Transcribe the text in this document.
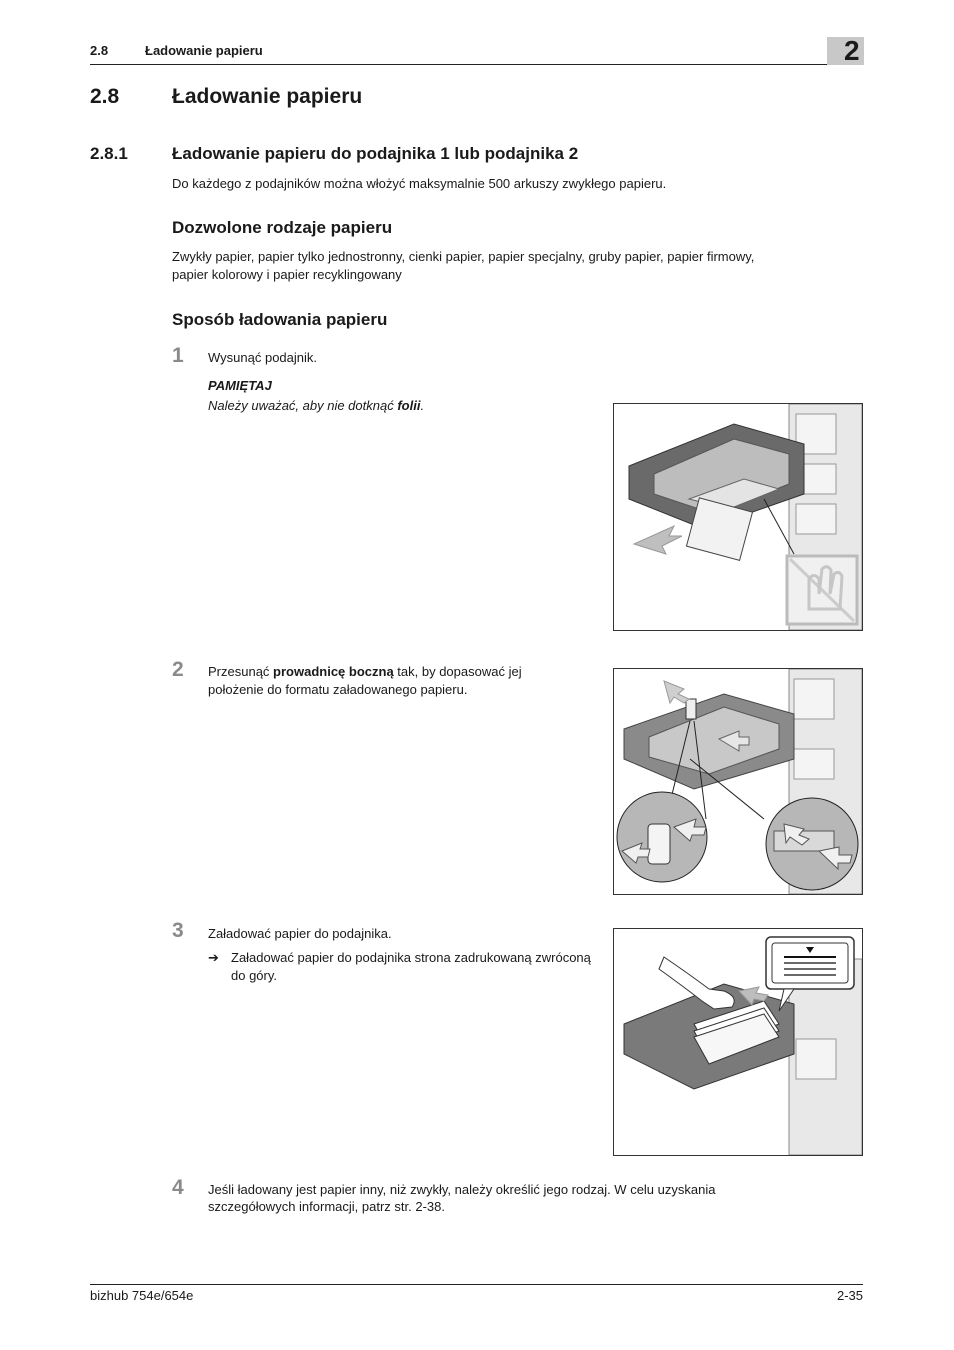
2.8	Ładowanie papieru	2
2.8	Ładowanie papieru
2.8.1	Ładowanie papieru do podajnika 1 lub podajnika 2
Do każdego z podajników można włożyć maksymalnie 500 arkuszy zwykłego papieru.
Dozwolone rodzaje papieru
Zwykły papier, papier tylko jednostronny, cienki papier, papier specjalny, gruby papier, papier firmowy,
papier kolorowy i papier recyklingowany
Sposób ładowania papieru
1 Wysunąć podajnik.
PAMIĘTAJ
Należy uważać, aby nie dotknąć folii.
2 Przesunąć prowadnicę boczną tak, by dopasować jej
położenie do formatu załadowanego papieru.
3 Załadować papier do podajnika.
➔ Załadować papier do podajnika strona zadrukowaną zwróconą do góry.
4 Jeśli ładowany jest papier inny, niż zwykły, należy określić jego rodzaj. W celu uzyskania
szczegółowych informacji, patrz str. 2-38.
bizhub 754e/654e	2-35
